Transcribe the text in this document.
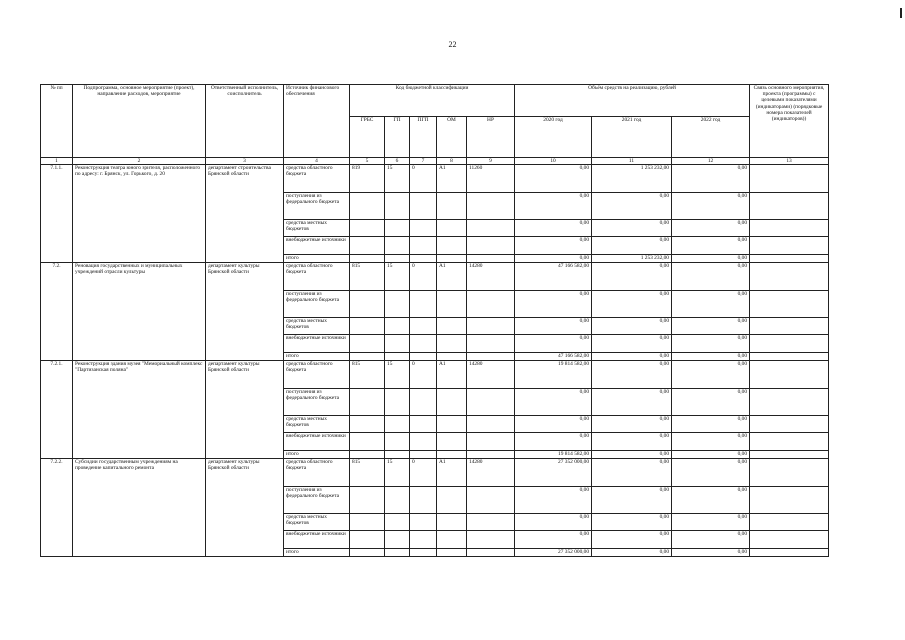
22
№ пп	Подпрограмма, основное мероприятие (проект), направление расходов, мероприятие	Ответственный исполнитель, соисполнитель	Источник финансового обеспечения	Код бюджетной классификации					Объём средств на реализацию, рублей			Связь основного мероприятия, проекта (программы) с целевыми показателями (индикаторами) (порядковые номера показателей (индикаторов))
				ГРБС	ГП	ПГП	ОМ	НР	2020 год	2021 год	2022 год	
1	2	3	4	5	6	7	8	9	10	11	12	13
7.1.1.	Реконструкция театра юного зрителя, расположенного по адресу: г. Брянск, ул. Горького, д. 20	департамент строительства Брянской области	средства областного бюджета	819	15	0	А1	11260	0,00	1 253 232,00	0,00	
			поступления из федерального бюджета						0,00	0,00	0,00	
			средства местных бюджетов						0,00	0,00	0,00	
			внебюджетные источники						0,00	0,00	0,00	
			итого						0,00	1 253 232,00	0,00	
7.2.	Реновация государственных и муниципальных учреждений отрасли культуры	департамент культуры Брянской области	средства областного бюджета	815	15	0	А1	14280	47 166 582,00	0,00	0,00	
			поступления из федерального бюджета						0,00	0,00	0,00	
			средства местных бюджетов						0,00	0,00	0,00	
			внебюджетные источники						0,00	0,00	0,00	
			итого						47 166 582,00	0,00	0,00	
7.2.1.	Реконструкция здания музея "Мемориальный комплекс "Партизанская поляна"	департамент культуры Брянской области	средства областного бюджета	815	15	0	А1	14280	19 814 582,00	0,00	0,00	
			поступления из федерального бюджета						0,00	0,00	0,00	
			средства местных бюджетов						0,00	0,00	0,00	
			внебюджетные источники						0,00	0,00	0,00	
			итого						19 814 582,00	0,00	0,00	
7.2.2.	Субсидии государственным учреждениям на проведение капитального ремонта	департамент культуры Брянской области	средства областного бюджета	815	15	0	А1	14280	27 352 000,00	0,00	0,00	
			поступления из федерального бюджета						0,00	0,00	0,00	
			средства местных бюджетов						0,00	0,00	0,00	
			внебюджетные источники						0,00	0,00	0,00	
			итого						27 352 000,00	0,00	0,00	
